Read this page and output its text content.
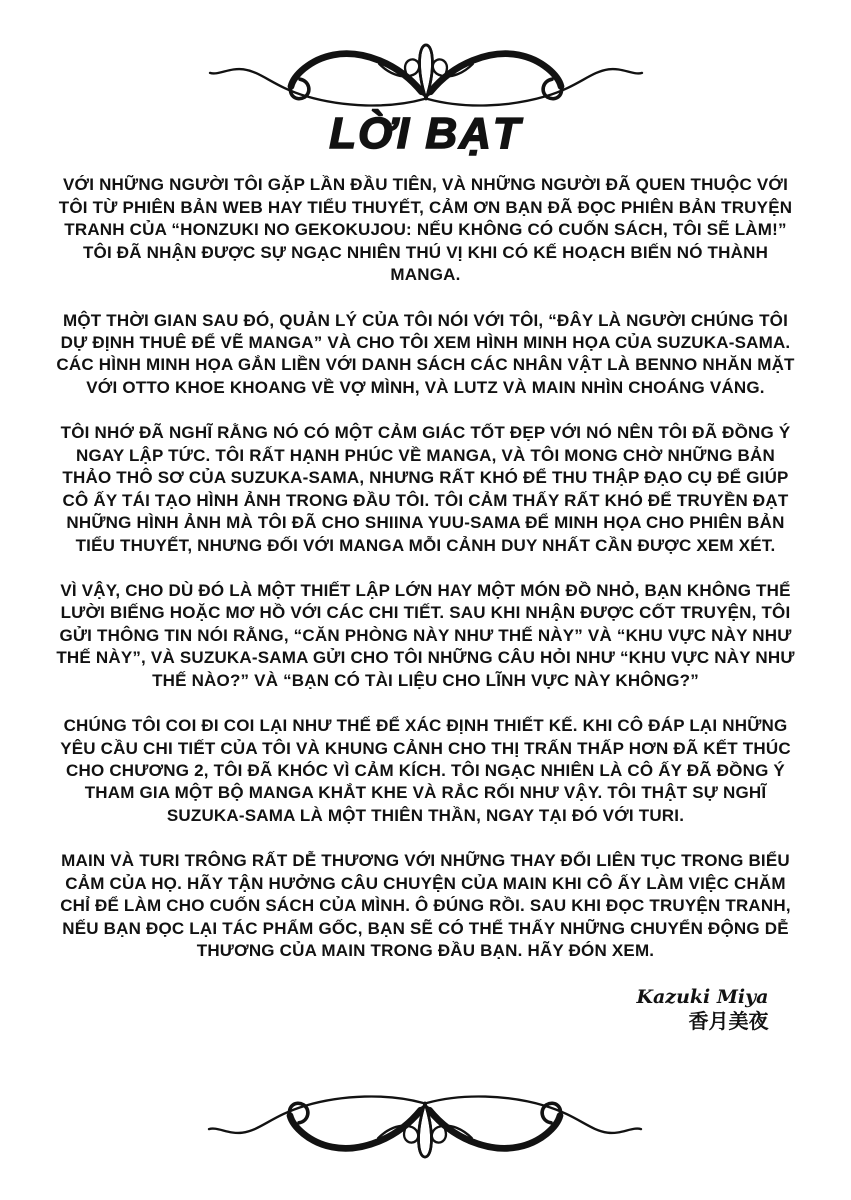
LỜI BẠT

VỚI NHỮNG NGƯỜI TÔI GẶP LẦN ĐẦU TIÊN, VÀ NHỮNG NGƯỜI ĐÃ QUEN THUỘC VỚI TÔI TỪ PHIÊN BẢN WEB HAY TIỂU THUYẾT, CẢM ƠN BẠN ĐÃ ĐỌC PHIÊN BẢN TRUYỆN TRANH CỦA “HONZUKI NO GEKOKUJOU: NẾU KHÔNG CÓ CUỐN SÁCH, TÔI SẼ LÀM!” TÔI ĐÃ NHẬN ĐƯỢC SỰ NGẠC NHIÊN THÚ VỊ KHI CÓ KẾ HOẠCH BIẾN NÓ THÀNH MANGA.

MỘT THỜI GIAN SAU ĐÓ, QUẢN LÝ CỦA TÔI NÓI VỚI TÔI, “ĐÂY LÀ NGƯỜI CHÚNG TÔI DỰ ĐỊNH THUÊ ĐỂ VẼ MANGA” VÀ CHO TÔI XEM HÌNH MINH HỌA CỦA SUZUKA-SAMA. CÁC HÌNH MINH HỌA GẮN LIỀN VỚI DANH SÁCH CÁC NHÂN VẬT LÀ BENNO NHĂN MẶT VỚI OTTO KHOE KHOANG VỀ VỢ MÌNH, VÀ LUTZ VÀ MAIN NHÌN CHOÁNG VÁNG.

TÔI NHỚ ĐÃ NGHĨ RẰNG NÓ CÓ MỘT CẢM GIÁC TỐT ĐẸP VỚI NÓ NÊN TÔI ĐÃ ĐỒNG Ý NGAY LẬP TỨC. TÔI RẤT HẠNH PHÚC VỀ MANGA, VÀ TÔI MONG CHỜ NHỮNG BẢN THẢO THÔ SƠ CỦA SUZUKA-SAMA, NHƯNG RẤT KHÓ ĐỂ THU THẬP ĐẠO CỤ ĐỂ GIÚP CÔ ẤY TÁI TẠO HÌNH ẢNH TRONG ĐẦU TÔI. TÔI CẢM THẤY RẤT KHÓ ĐỂ TRUYỀN ĐẠT NHỮNG HÌNH ẢNH MÀ TÔI ĐÃ CHO SHIINA YUU-SAMA ĐỂ MINH HỌA CHO PHIÊN BẢN TIỂU THUYẾT, NHƯNG ĐỐI VỚI MANGA MỖI CẢNH DUY NHẤT CẦN ĐƯỢC XEM XÉT.

VÌ VẬY, CHO DÙ ĐÓ LÀ MỘT THIẾT LẬP LỚN HAY MỘT MÓN ĐỒ NHỎ, BẠN KHÔNG THỂ LƯỜI BIẾNG HOẶC MƠ HỒ VỚI CÁC CHI TIẾT. SAU KHI NHẬN ĐƯỢC CỐT TRUYỆN, TÔI GỬI THÔNG TIN NÓI RẰNG, “CĂN PHÒNG NÀY NHƯ THẾ NÀY” VÀ “KHU VỰC NÀY NHƯ THẾ NÀY”, VÀ SUZUKA-SAMA GỬI CHO TÔI NHỮNG CÂU HỎI NHƯ “KHU VỰC NÀY NHƯ THẾ NÀO?” VÀ “BẠN CÓ TÀI LIỆU CHO LĨNH VỰC NÀY KHÔNG?”

CHÚNG TÔI COI ĐI COI LẠI NHƯ THẾ ĐỂ XÁC ĐỊNH THIẾT KẾ. KHI CÔ ĐÁP LẠI NHỮNG YÊU CẦU CHI TIẾT CỦA TÔI VÀ KHUNG CẢNH CHO THỊ TRẤN THẤP HƠN ĐÃ KẾT THÚC CHO CHƯƠNG 2, TÔI ĐÃ KHÓC VÌ CẢM KÍCH. TÔI NGẠC NHIÊN LÀ CÔ ẤY ĐÃ ĐỒNG Ý THAM GIA MỘT BỘ MANGA KHẮT KHE VÀ RẮC RỐI NHƯ VẬY. TÔI THẬT SỰ NGHĨ SUZUKA-SAMA LÀ MỘT THIÊN THẦN, NGAY TẠI ĐÓ VỚI TURI.

MAIN VÀ TURI TRÔNG RẤT DỄ THƯƠNG VỚI NHỮNG THAY ĐỔI LIÊN TỤC TRONG BIỂU CẢM CỦA HỌ. HÃY TẬN HƯỞNG CÂU CHUYỆN CỦA MAIN KHI CÔ ẤY LÀM VIỆC CHĂM CHỈ ĐỂ LÀM CHO CUỐN SÁCH CỦA MÌNH. Ô ĐÚNG RỒI. SAU KHI ĐỌC TRUYỆN TRANH, NẾU BẠN ĐỌC LẠI TÁC PHẨM GỐC, BẠN SẼ CÓ THỂ THẤY NHỮNG CHUYỂN ĐỘNG DỄ THƯƠNG CỦA MAIN TRONG ĐẦU BẠN. HÃY ĐÓN XEM.

Kazuki Miya
香月美夜
